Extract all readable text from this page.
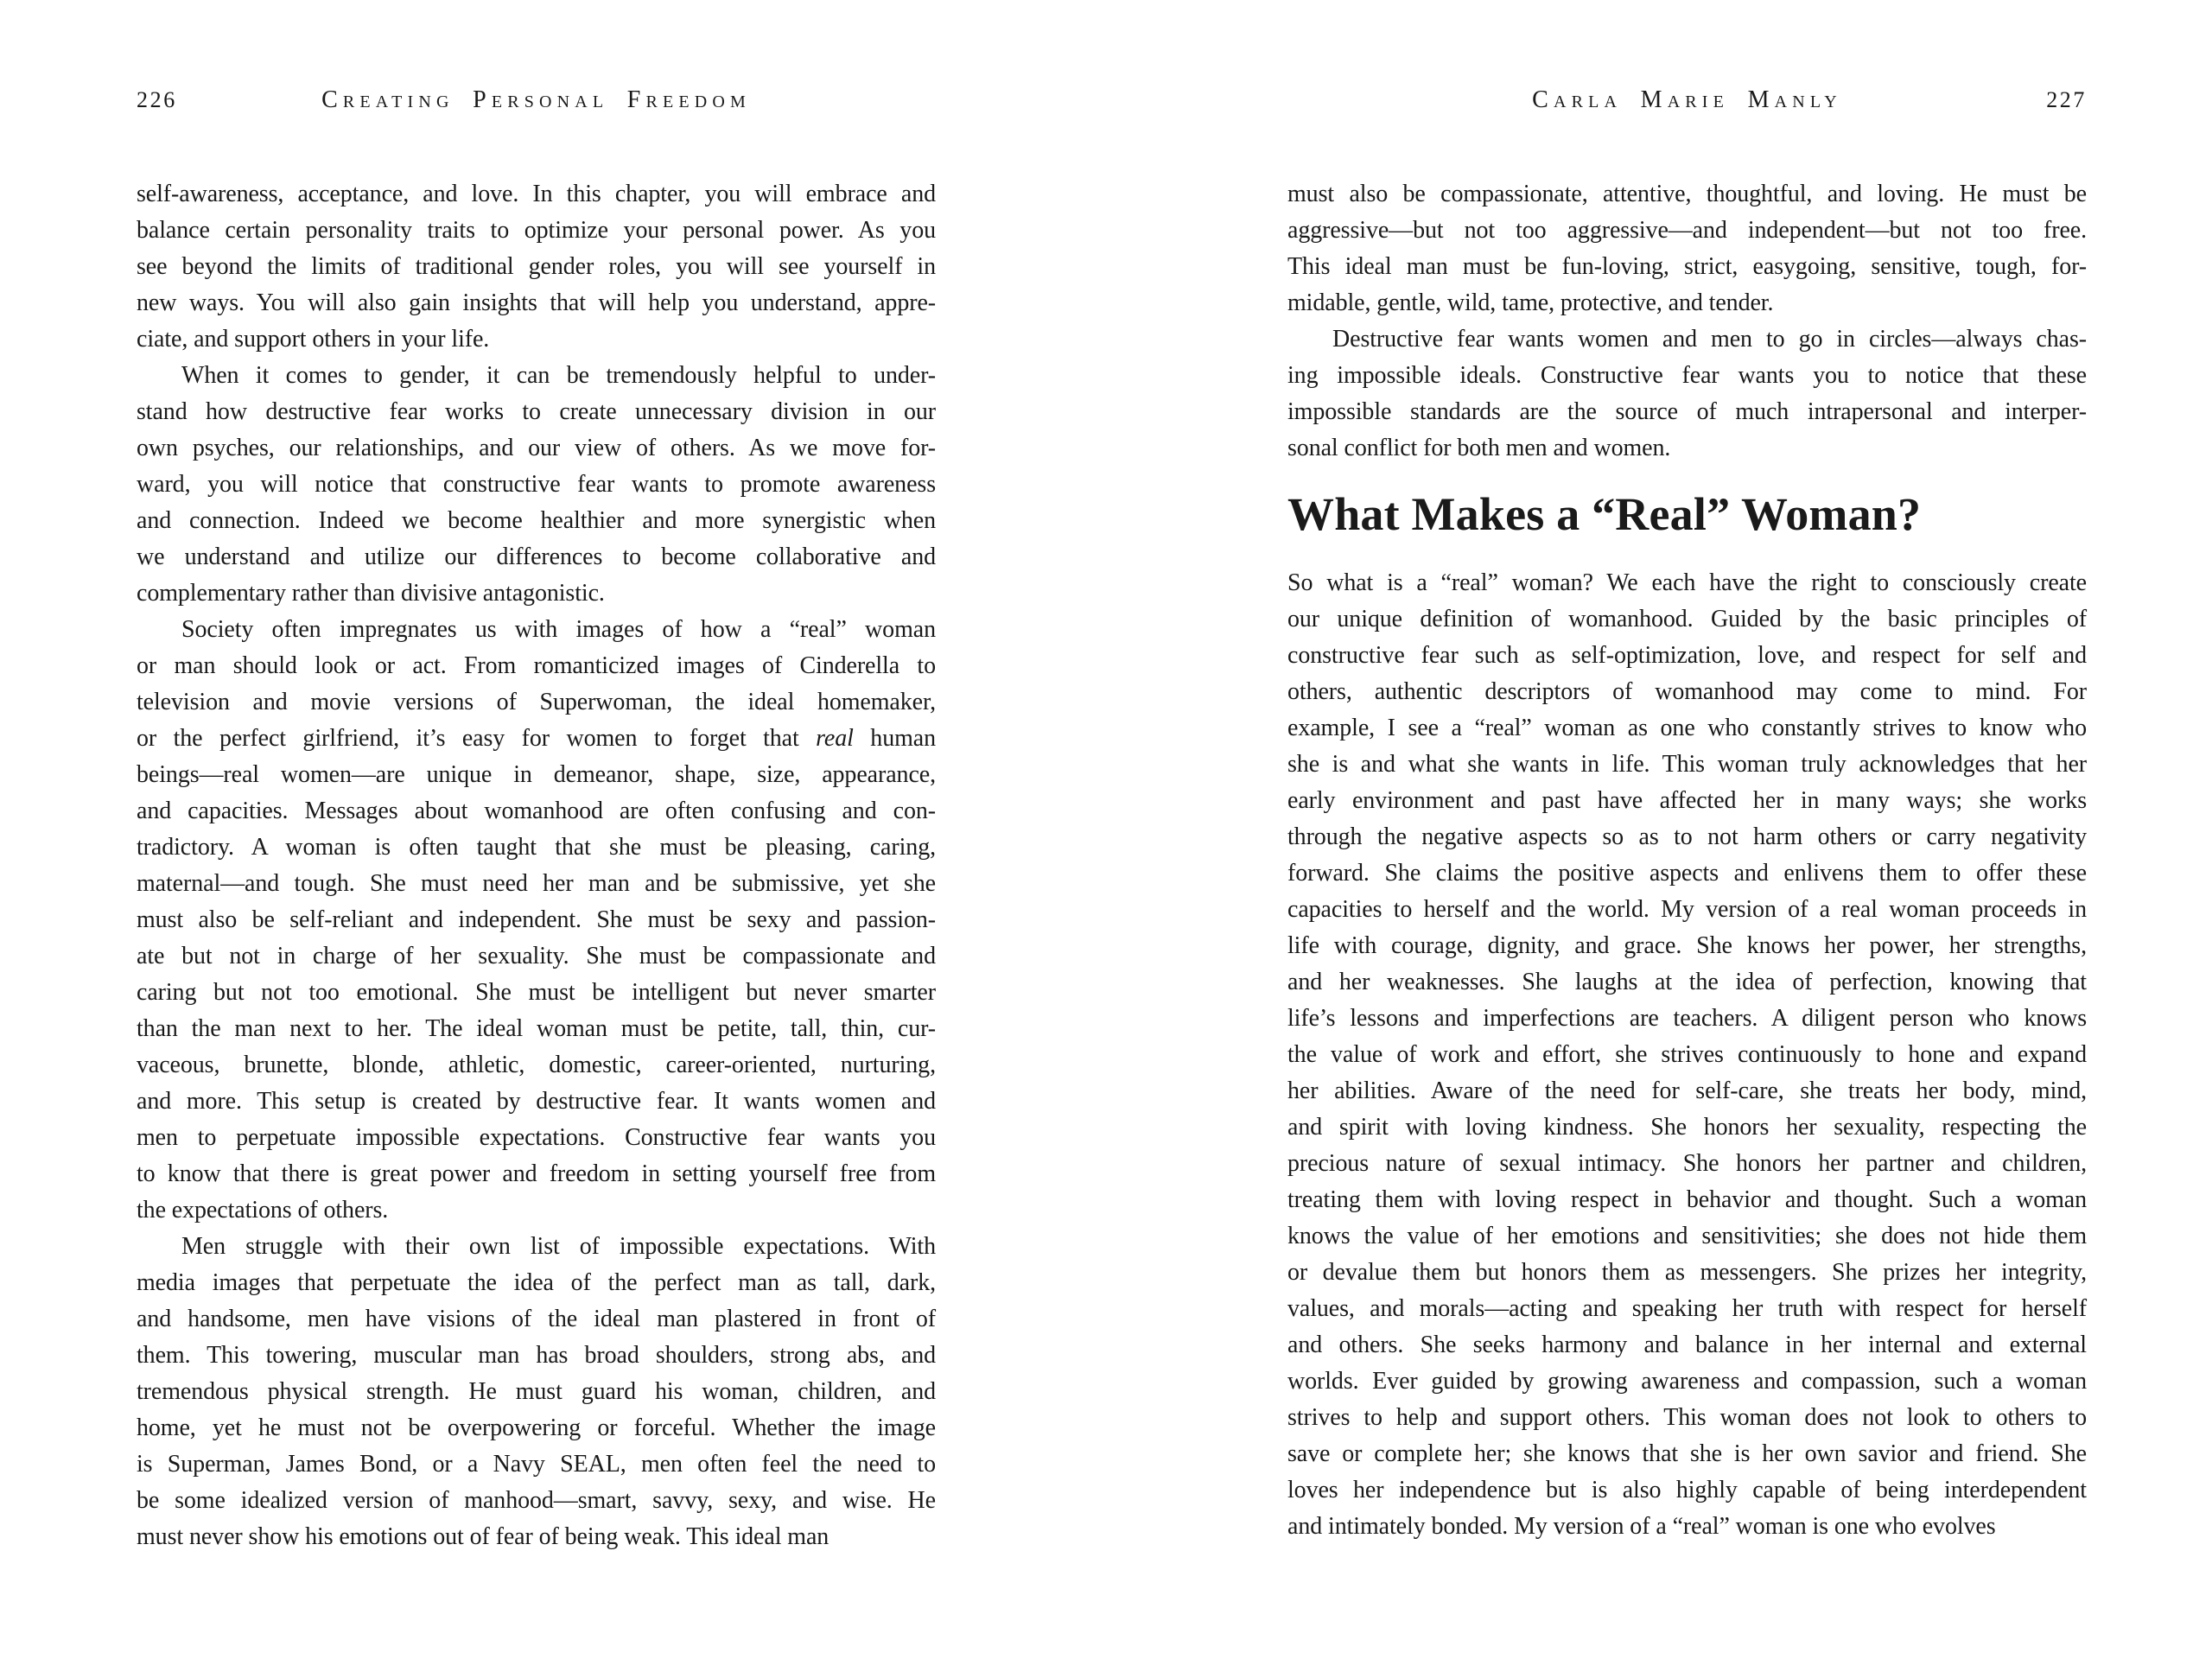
226	Creating Personal Freedom
self-awareness, acceptance, and love. In this chapter, you will embrace and
balance certain personality traits to optimize your personal power. As you
see beyond the limits of traditional gender roles, you will see yourself in
new ways. You will also gain insights that will help you understand, appre-
ciate, and support others in your life.
When it comes to gender, it can be tremendously helpful to under-
stand how destructive fear works to create unnecessary division in our
own psyches, our relationships, and our view of others. As we move for-
ward, you will notice that constructive fear wants to promote awareness
and connection. Indeed we become healthier and more synergistic when
we understand and utilize our differences to become collaborative and
complementary rather than divisive antagonistic.
Society often impregnates us with images of how a “real” woman
or man should look or act. From romanticized images of Cinderella to
television and movie versions of Superwoman, the ideal homemaker,
or the perfect girlfriend, it’s easy for women to forget that real human
beings—real women—are unique in demeanor, shape, size, appearance,
and capacities. Messages about womanhood are often confusing and con-
tradictory. A woman is often taught that she must be pleasing, caring,
maternal—and tough. She must need her man and be submissive, yet she
must also be self-reliant and independent. She must be sexy and passion-
ate but not in charge of her sexuality. She must be compassionate and
caring but not too emotional. She must be intelligent but never smarter
than the man next to her. The ideal woman must be petite, tall, thin, cur-
vaceous, brunette, blonde, athletic, domestic, career-oriented, nurturing,
and more. This setup is created by destructive fear. It wants women and
men to perpetuate impossible expectations. Constructive fear wants you
to know that there is great power and freedom in setting yourself free from
the expectations of others.
Men struggle with their own list of impossible expectations. With
media images that perpetuate the idea of the perfect man as tall, dark,
and handsome, men have visions of the ideal man plastered in front of
them. This towering, muscular man has broad shoulders, strong abs, and
tremendous physical strength. He must guard his woman, children, and
home, yet he must not be overpowering or forceful. Whether the image
is Superman, James Bond, or a Navy SEAL, men often feel the need to
be some idealized version of manhood—smart, savvy, sexy, and wise. He
must never show his emotions out of fear of being weak. This ideal man
Carla Marie Manly	227
must also be compassionate, attentive, thoughtful, and loving. He must be
aggressive—but not too aggressive—and independent—but not too free.
This ideal man must be fun-loving, strict, easygoing, sensitive, tough, for-
midable, gentle, wild, tame, protective, and tender.
Destructive fear wants women and men to go in circles—always chas-
ing impossible ideals. Constructive fear wants you to notice that these
impossible standards are the source of much intrapersonal and interper-
sonal conflict for both men and women.
What Makes a “Real” Woman?
So what is a “real” woman? We each have the right to consciously create
our unique definition of womanhood. Guided by the basic principles of
constructive fear such as self-optimization, love, and respect for self and
others, authentic descriptors of womanhood may come to mind. For
example, I see a “real” woman as one who constantly strives to know who
she is and what she wants in life. This woman truly acknowledges that her
early environment and past have affected her in many ways; she works
through the negative aspects so as to not harm others or carry negativity
forward. She claims the positive aspects and enlivens them to offer these
capacities to herself and the world. My version of a real woman proceeds in
life with courage, dignity, and grace. She knows her power, her strengths,
and her weaknesses. She laughs at the idea of perfection, knowing that
life’s lessons and imperfections are teachers. A diligent person who knows
the value of work and effort, she strives continuously to hone and expand
her abilities. Aware of the need for self-care, she treats her body, mind,
and spirit with loving kindness. She honors her sexuality, respecting the
precious nature of sexual intimacy. She honors her partner and children,
treating them with loving respect in behavior and thought. Such a woman
knows the value of her emotions and sensitivities; she does not hide them
or devalue them but honors them as messengers. She prizes her integrity,
values, and morals—acting and speaking her truth with respect for herself
and others. She seeks harmony and balance in her internal and external
worlds. Ever guided by growing awareness and compassion, such a woman
strives to help and support others. This woman does not look to others to
save or complete her; she knows that she is her own savior and friend. She
loves her independence but is also highly capable of being interdependent
and intimately bonded. My version of a “real” woman is one who evolves
